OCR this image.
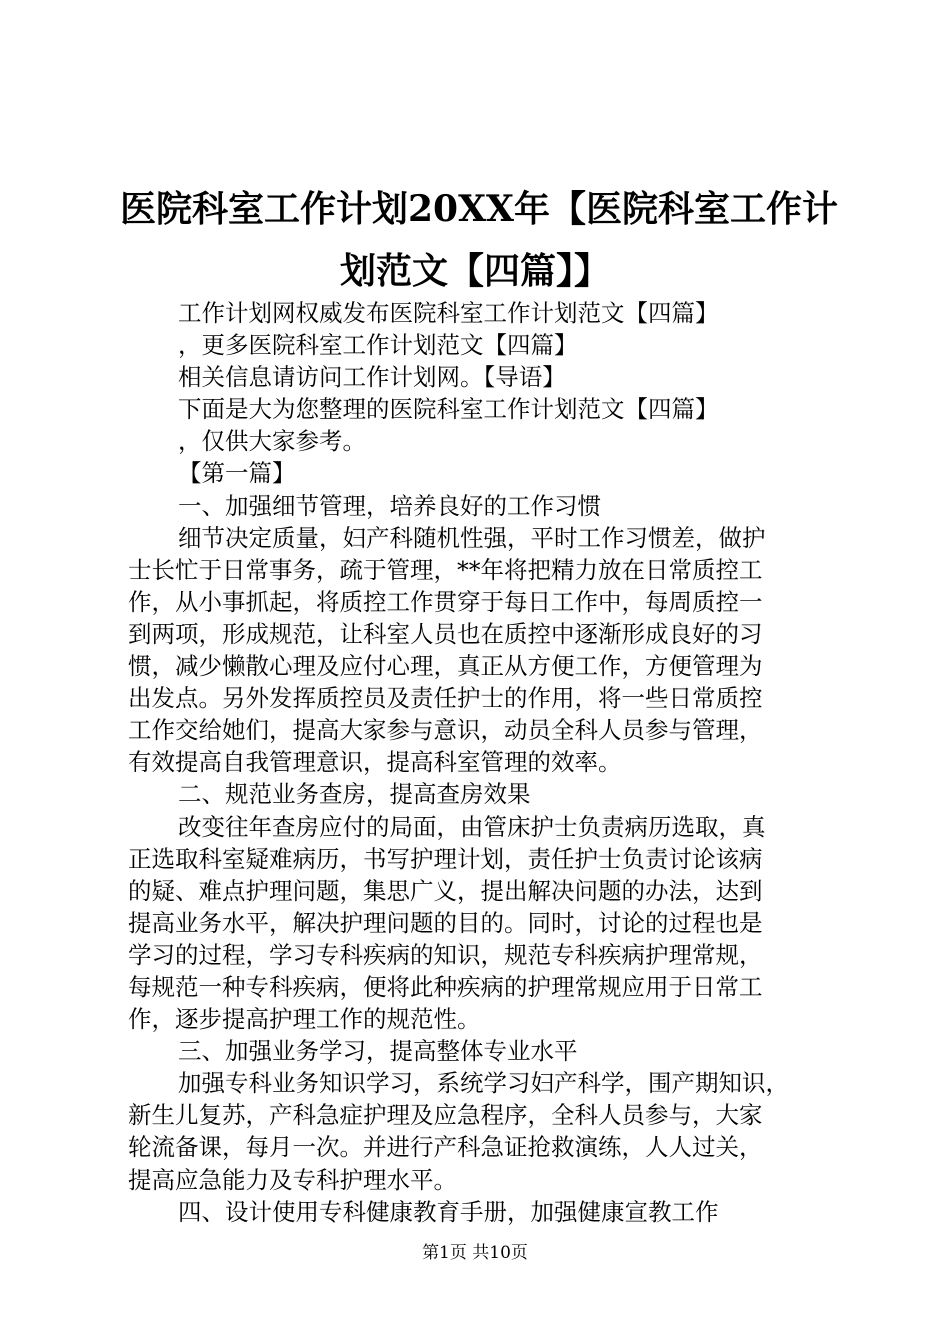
医院科室工作计划20XX年【医院科室工作计
划范文【四篇】】

工作计划网权威发布医院科室工作计划范文【四篇】

，更多医院科室工作计划范文【四篇】

相关信息请访问工作计划网。【导语】

下面是大为您整理的医院科室工作计划范文【四篇】

，仅供大家参考。

【第一篇】

一、加强细节管理，培养良好的工作习惯

细节决定质量，妇产科随机性强，平时工作习惯差，做护

士长忙于日常事务，疏于管理，**年将把精力放在日常质控工

作，从小事抓起，将质控工作贯穿于每日工作中，每周质控一

到两项，形成规范，让科室人员也在质控中逐渐形成良好的习

惯，减少懒散心理及应付心理，真正从方便工作，方便管理为

出发点。另外发挥质控员及责任护士的作用，将一些日常质控

工作交给她们，提高大家参与意识，动员全科人员参与管理，

有效提高自我管理意识，提高科室管理的效率。

二、规范业务查房，提高查房效果

改变往年查房应付的局面，由管床护士负责病历选取，真

正选取科室疑难病历，书写护理计划，责任护士负责讨论该病

的疑、难点护理问题，集思广义，提出解决问题的办法，达到

提高业务水平，解决护理问题的目的。同时，讨论的过程也是

学习的过程，学习专科疾病的知识，规范专科疾病护理常规，

每规范一种专科疾病，便将此种疾病的护理常规应用于日常工

作，逐步提高护理工作的规范性。

三、加强业务学习，提高整体专业水平

加强专科业务知识学习，系统学习妇产科学，围产期知识，

新生儿复苏，产科急症护理及应急程序，全科人员参与，大家

轮流备课，每月一次。并进行产科急证抢救演练，人人过关，

提高应急能力及专科护理水平。

四、设计使用专科健康教育手册，加强健康宣教工作

第1页 共10页
